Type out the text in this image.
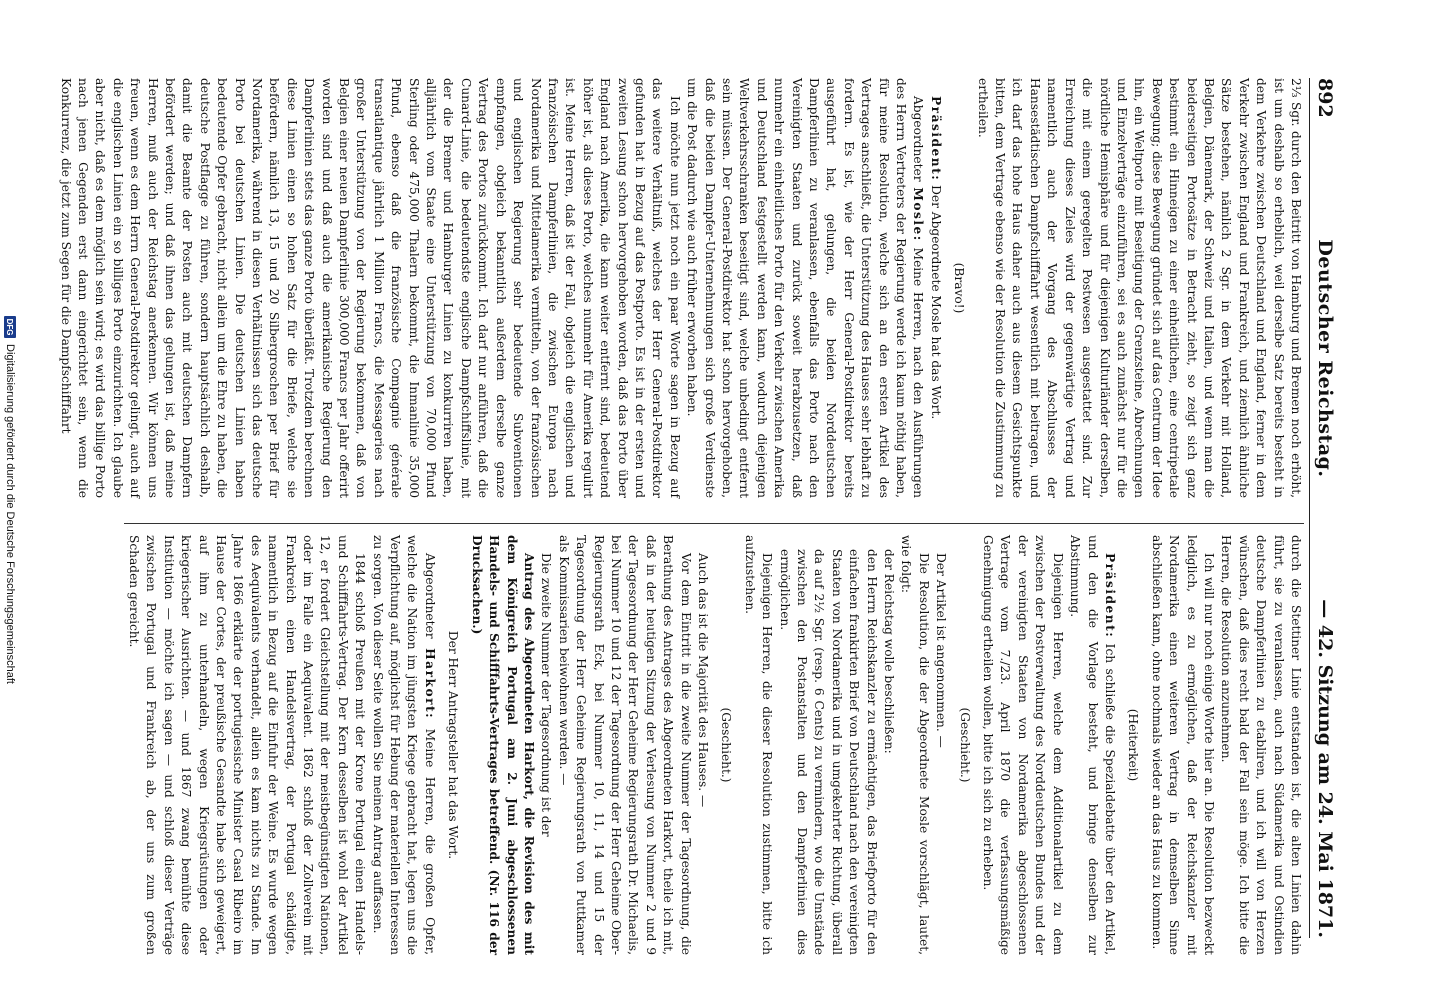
892
Deutscher Reichstag.
— 42. Sitzung am 24. Mai 1871.

2⅓ Sgr. durch den Beitritt von Hamburg und Bremen noch erhöht, ist um deshalb so erheblich, weil derselbe Satz bereits besteht in dem Verkehre zwischen Deutschland und England, ferner in dem Verkehr zwischen England und Frankreich, und ziemlich ähnliche Sätze bestehen, nämlich 2 Sgr. in dem Verkehr mit Holland, Belgien, Dänemark, der Schweiz und Italien, und wenn man die beiderseitigen Portosätze in Betracht zieht, so zeigt sich ganz bestimmt ein Hinneigen zu einer einheitlichen, eine centripetale Bewegung; diese Bewegung gründet sich auf das Centrum der Idee hin, ein Weltporto mit Beseitigung der Grenzsteine, Abrechnungen und Einzelverträge einzuführen, sei es auch zunächst nur für die nördliche Hemisphäre und für diejenigen Kulturländer derselben, die mit einem geregelten Postwesen ausgestattet sind. Zur Erreichung dieses Zieles wird der gegenwärtige Vertrag und namentlich auch der Vorgang des Abschlusses der Hansestädtischen Dampfschifffahrt wesentlich mit beitragen, und ich darf das hohe Haus daher auch aus diesem Gesichtspunkte bitten, dem Vertrage ebenso wie der Resolution die Zustimmung zu ertheilen.

(Bravo!)

Präsident: Der Abgeordnete Mosle hat das Wort.

Abgeordneter Mosle: Meine Herren, nach den Ausführungen des Herrn Vertreters der Regierung werde ich kaum nöthig haben, für meine Resolution, welche sich an den ersten Artikel des Vertrages anschließt, die Unterstützung des Hauses sehr lebhaft zu fordern. Es ist, wie der Herr General-Postdirektor bereits ausgeführt hat, gelungen, die beiden Norddeutschen Dampferlinien zu veranlassen, ebenfalls das Porto nach den Vereinigten Staaten und zurück soweit herabzusetzen, daß nunmehr ein einheitliches Porto für den Verkehr zwischen Amerika und Deutschland festgestellt werden kann, wodurch diejenigen Weltverkehrsschranken beseitigt sind, welche unbedingt entfernt sein müssen. Der General-Postdirektor hat schon hervorgehoben, daß die beiden Dampfer-Unternehmungen sich große Verdienste um die Post dadurch wie auch früher erworben haben.

Ich möchte nun jetzt noch ein paar Worte sagen in Bezug auf das weitere Verhältniß, welches der Herr General-Postdirektor gefunden hat in Bezug auf das Postporto. Es ist in der ersten und zweiten Lesung schon hervorgehoben worden, daß das Porto über England nach Amerika, die kann weiter entfernt sind, bedeutend höher ist, als dieses Porto, welches nunmehr für Amerika regulirt ist. Meine Herren, daß ist der Fall, obgleich die englischen und französischen Dampferlinien, die zwischen Europa nach Nordamerika und Mittelamerika vermitteln, von der französischen und englischen Regierung sehr bedeutende Subventionen empfangen, obgleich bekanntlich außerdem derselbe ganze Vertrag des Portos zurückkommt. Ich darf nur anführen, daß die Cunard-Linie, die bedeutendste englische Dampfschiffslinie, mit der die Bremer und Hamburger Linien zu konkurriren haben, alljährlich vom Staate eine Unterstützung von 70,000 Pfund Sterling oder 475,000 Thalern bekommt, die Inmanlinie 35,000 Pfund, ebenso daß die französische Compagnie générale transatlantique jährlich 1 Million Francs, die Messageries nach großer Unterstützung von der Regierung bekommen, daß von Belgien einer neuen Dampferlinie 300,000 Francs per Jahr offerirt worden sind und daß auch die amerikanische Regierung den Dampferlinien stets das ganze Porto überläßt. Trotzdem berechnen diese Linien einen so hohen Satz für die Briefe, welche sie befördern, nämlich 13, 15 und 20 Silbergroschen per Brief für Nordamerika, während in diesen Verhältnissen sich das deutsche Porto bei deutschen Linien. Die deutschen Linien haben bedeutende Opfer gebracht, nicht allein um die Ehre zu haben, die deutsche Postflagge zu führen, sondern hauptsächlich deshalb, damit die Beamte der Posten auch mit deutschen Dampfern befördert werden; und daß ihnen das gelungen ist, daß meine Herren, muß auch der Reichstag anerkennen. Wir können uns freuen, wenn es dem Herrn General-Postdirektor gelingt, auch auf die englischen Linien ein so billiges Porto einzurichten. Ich glaube aber nicht, daß es dem möglich sein wird; es wird das billige Porto nach jenen Gegenden erst dann eingerichtet sein, wenn die Konkurrenz, die jetzt zum Segen für die Dampfschifffahrt

durch die Stettiner Linie entstanden ist, die alten Linien dahin führt, sie zu veranlassen, auch nach Südamerika und Ostindien deutsche Dampferlinien zu etabliren, und ich will von Herzen wünschen, daß dies recht bald der Fall sein möge. Ich bitte die Herren, die Resolution anzunehmen.

Ich will nur noch einige Worte hier an. Die Resolution bezweckt lediglich, es zu ermöglichen, daß der Reichskanzler mit Nordamerika einen weiteren Vertrag in demselben Sinne abschließen kann, ohne nochmals wieder an das Haus zu kommen.

(Heiterkeit)

Präsident: Ich schließe die Spezialdebatte über den Artikel, und den die Vorlage besteht, und bringe denselben zur Abstimmung.

Diejenigen Herren, welche dem Additionalartikel zu dem zwischen der Postverwaltung des Norddeutschen Bundes und der der vereinigten Staaten von Nordamerika abgeschlossenen Vertrage vom 7./23. April 1870 die verfassungsmäßige Genehmigung ertheilen wollen, bitte ich sich zu erheben.

(Geschieht.)

Der Artikel ist angenommen. —

Die Resolution, die der Abgeordnete Mosle vorschlägt, lautet, wie folgt:

der Reichstag wolle beschließen:

den Herrn Reichskanzler zu ermächtigen, das Briefporto für den einfachen frankirten Brief von Deutschland nach den vereinigten Staaten von Nordamerika und in umgekehrter Richtung, überall da auf 2½ Sgr. (resp. 6 Cents) zu vermindern, wo die Umstände zwischen den Postanstalten und den Dampferlinien dies ermöglichen.

Diejenigen Herren, die dieser Resolution zustimmen, bitte ich aufzustehen.

(Geschieht.)

Auch das ist die Majorität des Hauses. —

Vor dem Eintritt in die zweite Nummer der Tagesordnung, die Berathung des Antrages des Abgeordneten Harkort, theile ich mit, daß in der heutigen Sitzung der Verlesung von Nummer 2 und 9 der Tagesordnung der Herr Geheime Regierungsrath Dr. Michaelis, bei Nummer 10 und 12 der Tagesordnung der Herr Geheime Ober-Regierungsrath Eck, bei Nummer 10, 11, 14 und 15 der Tagesordnung der Herr Geheime Regierungsrath von Puttkamer als Kommissarien beiwohnen werden. —

Die zweite Nummer der Tagesordnung ist der

Antrag des Abgeordneten Harkort, die Revision des mit dem Königreich Portugal am 2. Juni abgeschlossenen Handels- und Schifffahrts-Vertrages betreffend. (Nr. 116 der Drucksachen.)

Der Herr Antragsteller hat das Wort.

Abgeordneter Harkort: Meine Herren, die großen Opfer, welche die Nation im jüngsten Kriege gebracht hat, legen uns die Verpflichtung auf, möglichst für Hebung der materiellen Interessen zu sorgen. Von dieser Seite wollen Sie meinen Antrag auffassen.

1844 schloß Preußen mit der Krone Portugal einen Handels- und Schifffahrts-Vertrag. Der Kern desselben ist wohl der Artikel 12, er fordert Gleichstellung mit der meistbegünstigten Nationen, oder im Falle ein Aequivalent. 1862 schloß der Zollverein mit Frankreich einen Handelsvertrag, der Portugal schädigte, namentlich in Bezug auf die Einfuhr der Weine. Es wurde wegen des Aequivalents verhandelt, allein es kam nichts zu Stande. Im Jahre 1866 erklärte der portugiesische Minister Casal Ribeiro im Hause der Cortes, der preußische Gesandte habe sich geweigert, auf ihm zu unterhandeln, wegen Kriegsrüstungen oder kriegerischer Ausrichten. — und 1867 zwang bemühte diese Institution — möchte ich sagen — und schloß dieser Verträge zwischen Portugal und Frankreich ab, der uns zum großen Schaden gereicht.

DFG
Digitalisierung gefördert durch die Deutsche Forschungsgemeinschaft
